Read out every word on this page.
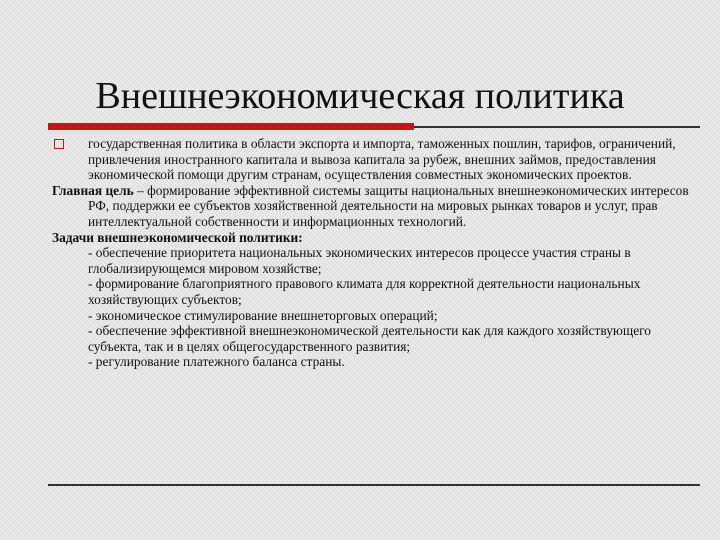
Внешнеэкономическая политика
государственная политика в области экспорта и импорта, таможенных пошлин, тарифов, ограничений, привлечения иностранного капитала и вывоза капитала за рубеж, внешних займов, предоставления экономической помощи другим странам, осуществления совместных экономических проектов.
Главная цель – формирование эффективной системы защиты национальных внешнеэкономических интересов РФ, поддержки ее субъектов хозяйственной деятельности на мировых рынках товаров и услуг, прав интеллектуальной собственности и информационных технологий.
Задачи внешнеэкономической политики:
- обеспечение приоритета национальных экономических интересов процессе участия страны в глобализирующемся мировом хозяйстве;
- формирование благоприятного правового климата для корректной деятельности национальных хозяйствующих субъектов;
- экономическое стимулирование внешнеторговых операций;
- обеспечение эффективной внешнеэкономической деятельности как для каждого хозяйствующего субъекта, так и в целях общегосударственного развития;
- регулирование платежного баланса страны.
